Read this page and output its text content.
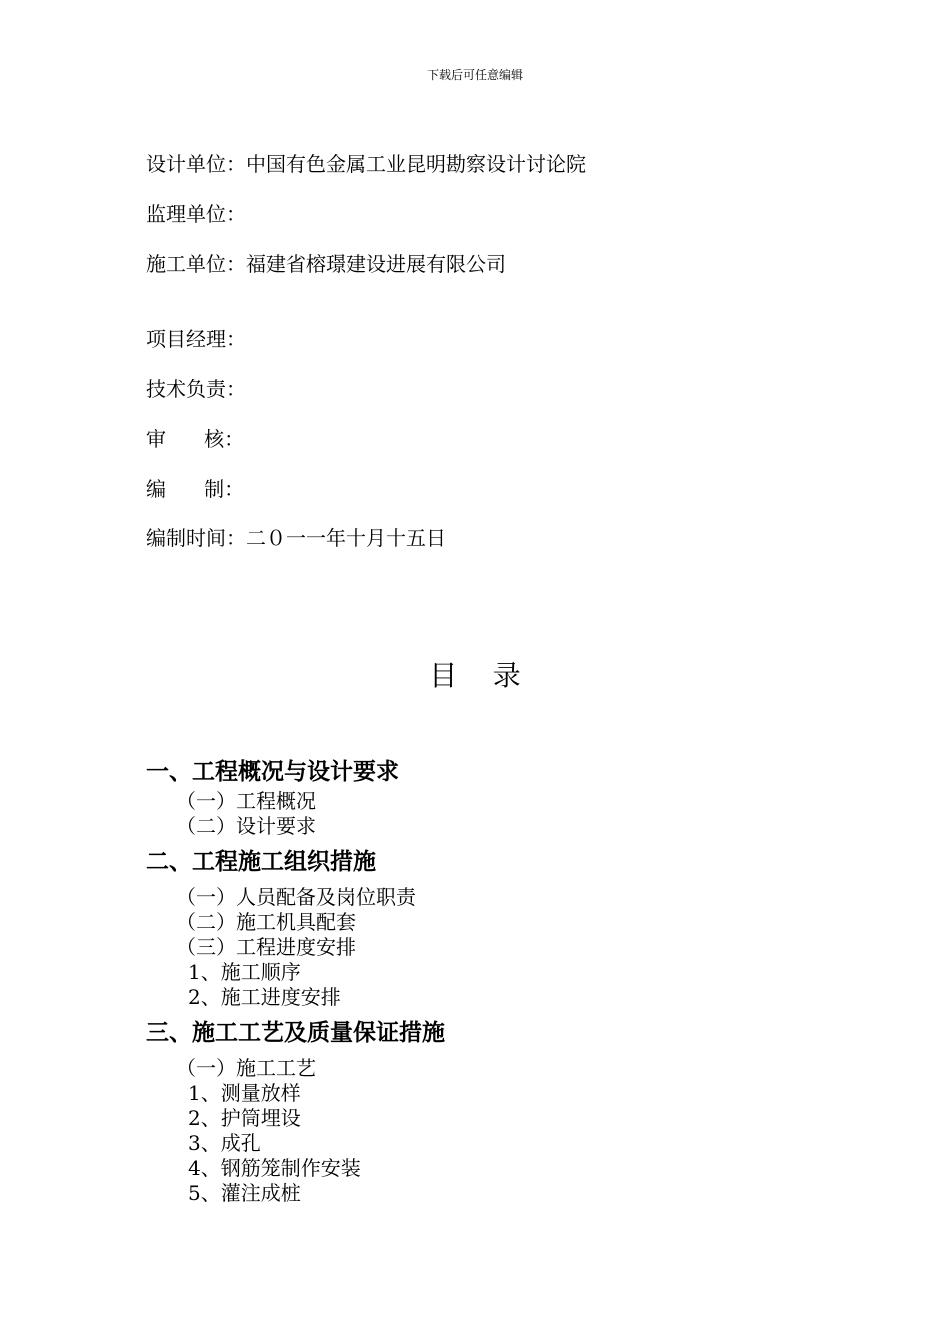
下载后可任意编辑
设计单位：中国有色金属工业昆明勘察设计讨论院
监理单位：
施工单位：福建省榕璟建设进展有限公司
项目经理：
技术负责：
审      核：
编      制：
编制时间：二０一一年十月十五日
目    录
一、工程概况与设计要求
（一）工程概况
（二）设计要求
二、工程施工组织措施
（一）人员配备及岗位职责
（二）施工机具配套
（三）工程进度安排
1、施工顺序
2、施工进度安排
三、施工工艺及质量保证措施
（一）施工工艺
1、测量放样
2、护筒埋设
3、成孔
4、钢筋笼制作安装
5、灌注成桩
